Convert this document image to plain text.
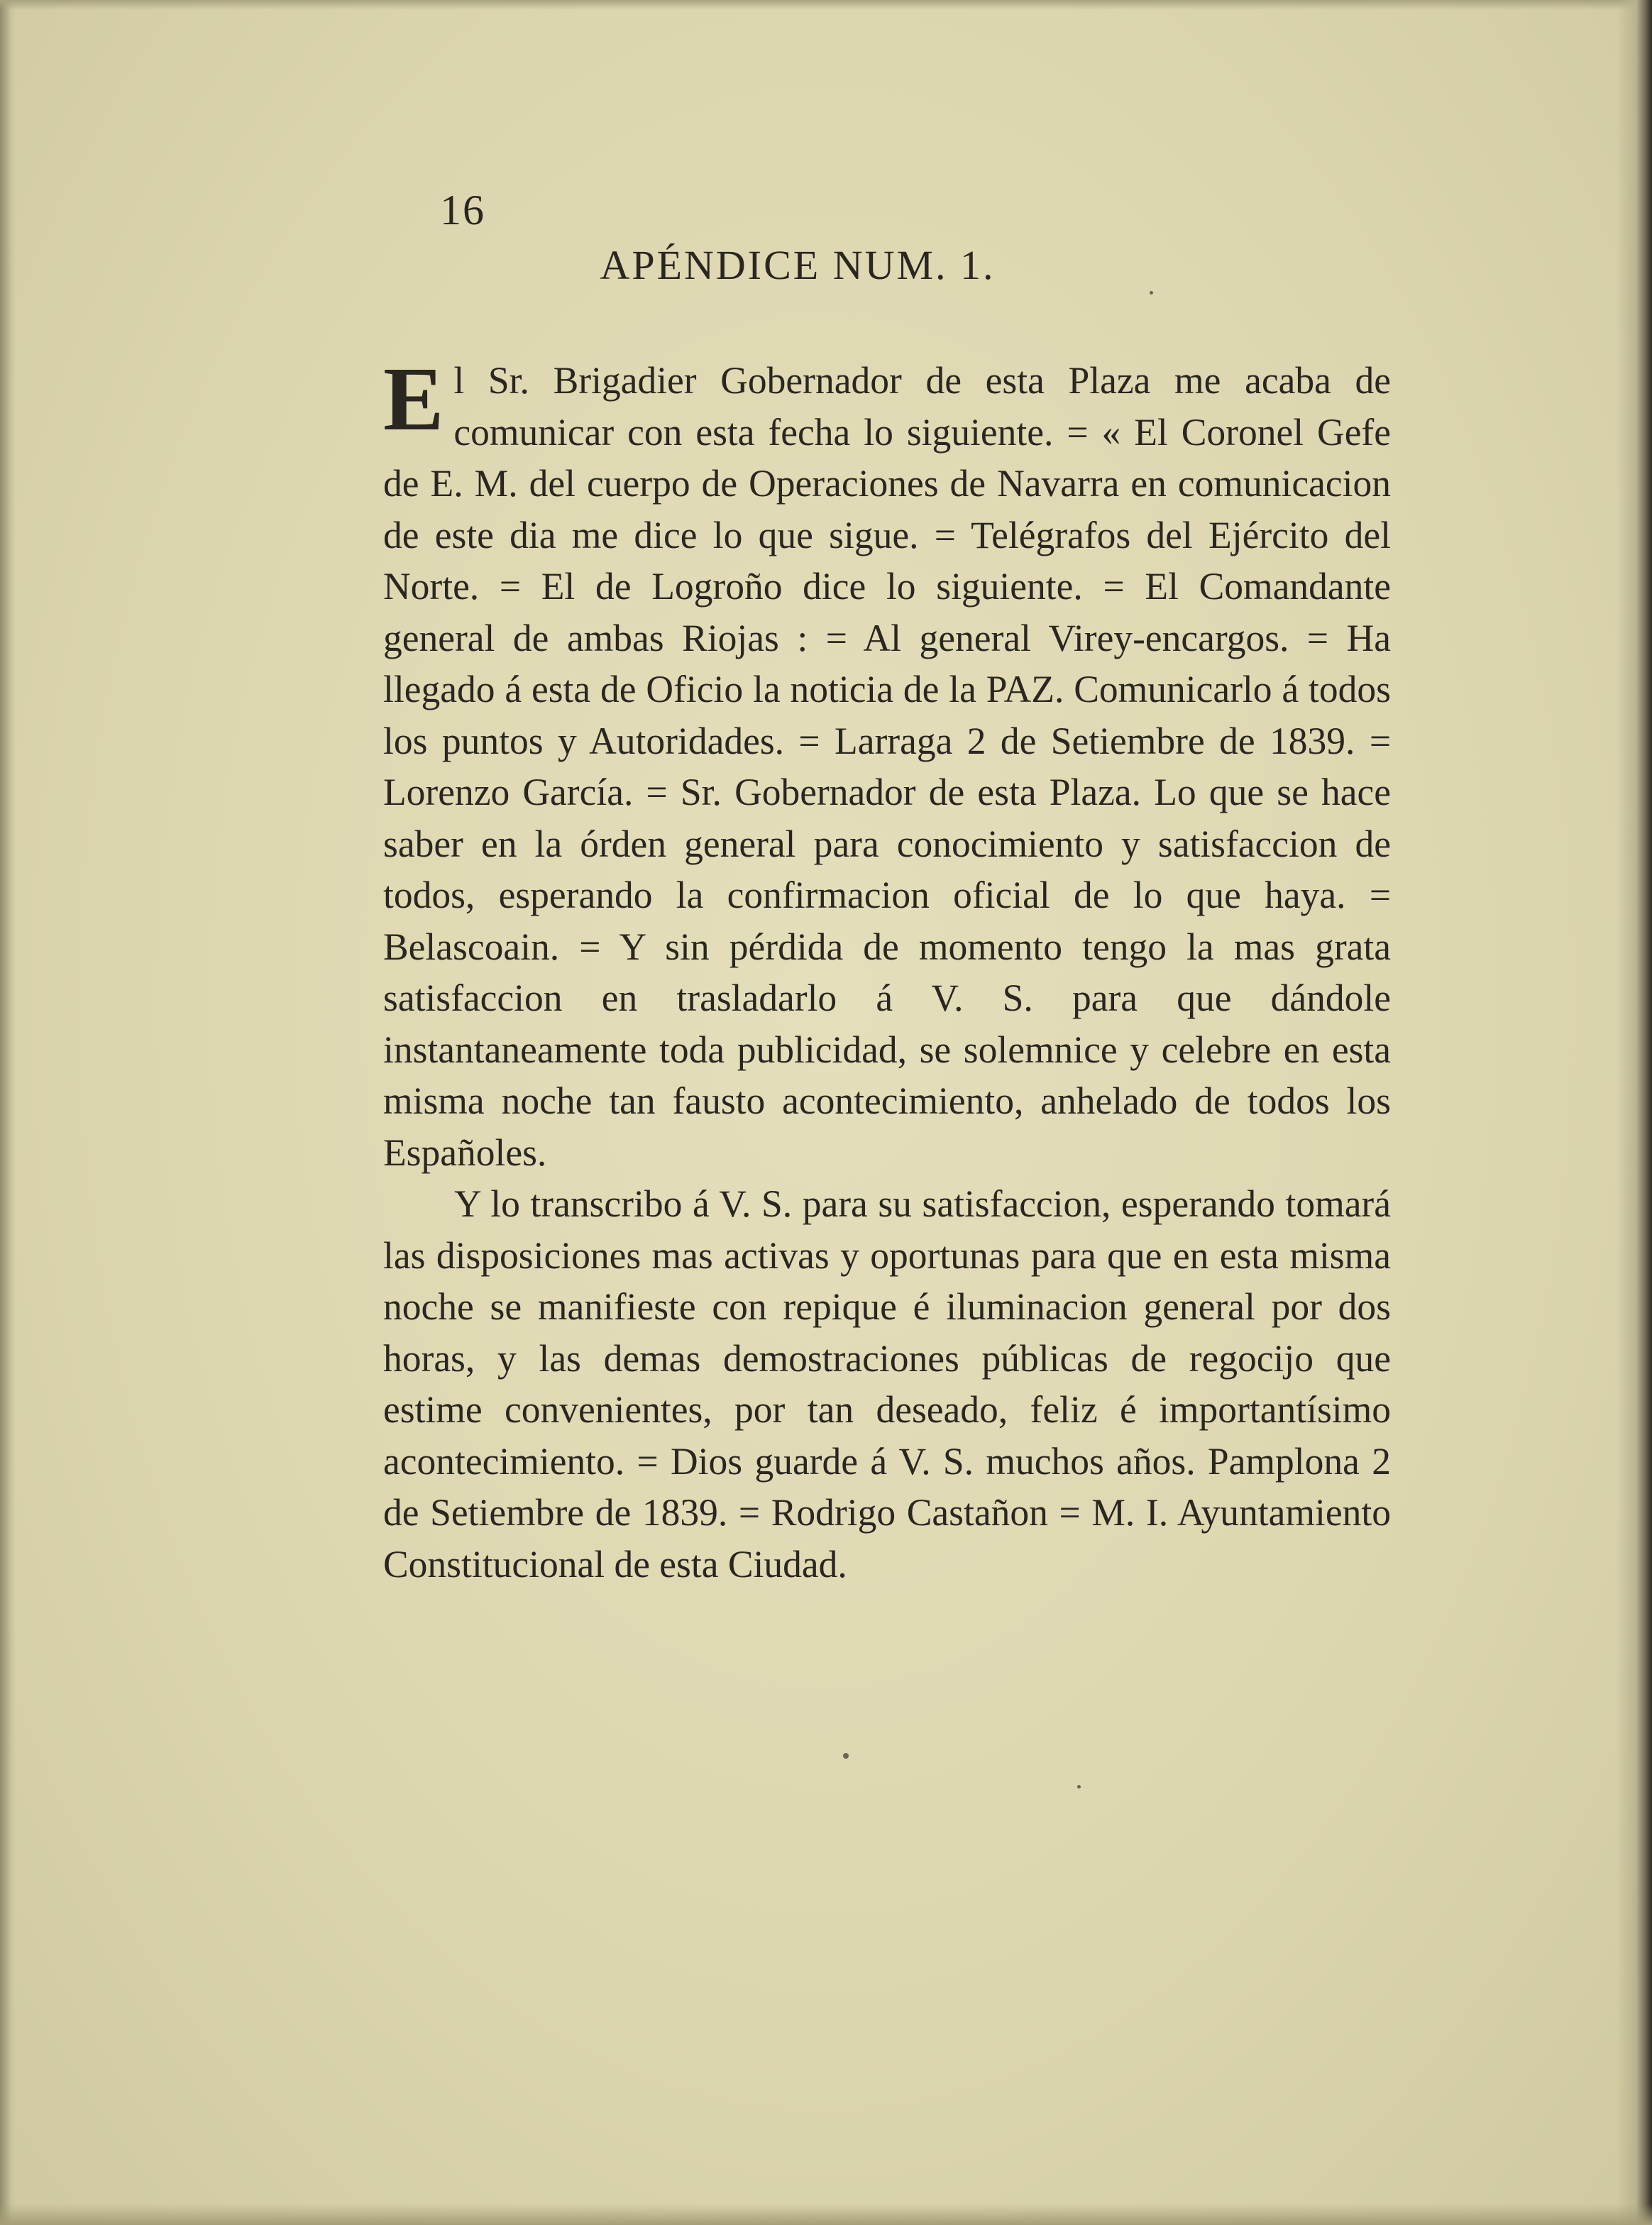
16
APÉNDICE NUM. 1.

El Sr. Brigadier Gobernador de esta Plaza me acaba de comunicar con esta fecha lo siguiente. = « El Coronel Gefe de E. M. del cuerpo de Operaciones de Navarra en comunicacion de este dia me dice lo que sigue. = Telégrafos del Ejército del Norte. = El de Logroño dice lo siguiente. = El Comandante general de ambas Riojas : = Al general Virey-encargos. = Ha llegado á esta de Oficio la noticia de la PAZ. Comunicarlo á todos los puntos y Autoridades. = Larraga 2 de Setiembre de 1839. = Lorenzo García. = Sr. Gobernador de esta Plaza. Lo que se hace saber en la órden general para conocimiento y satisfaccion de todos, esperando la confirmacion oficial de lo que haya. = Belascoain. = Y sin pérdida de momento tengo la mas grata satisfaccion en trasladarlo á V. S. para que dándole instantaneamente toda publicidad, se solemnice y celebre en esta misma noche tan fausto acontecimiento, anhelado de todos los Españoles.

Y lo transcribo á V. S. para su satisfaccion, esperando tomará las disposiciones mas activas y oportunas para que en esta misma noche se manifieste con repique é iluminacion general por dos horas, y las demas demostraciones públicas de regocijo que estime convenientes, por tan deseado, feliz é importantísimo acontecimiento. = Dios guarde á V. S. muchos años. Pamplona 2 de Setiembre de 1839. = Rodrigo Castañon = M. I. Ayuntamiento Constitucional de esta Ciudad.
